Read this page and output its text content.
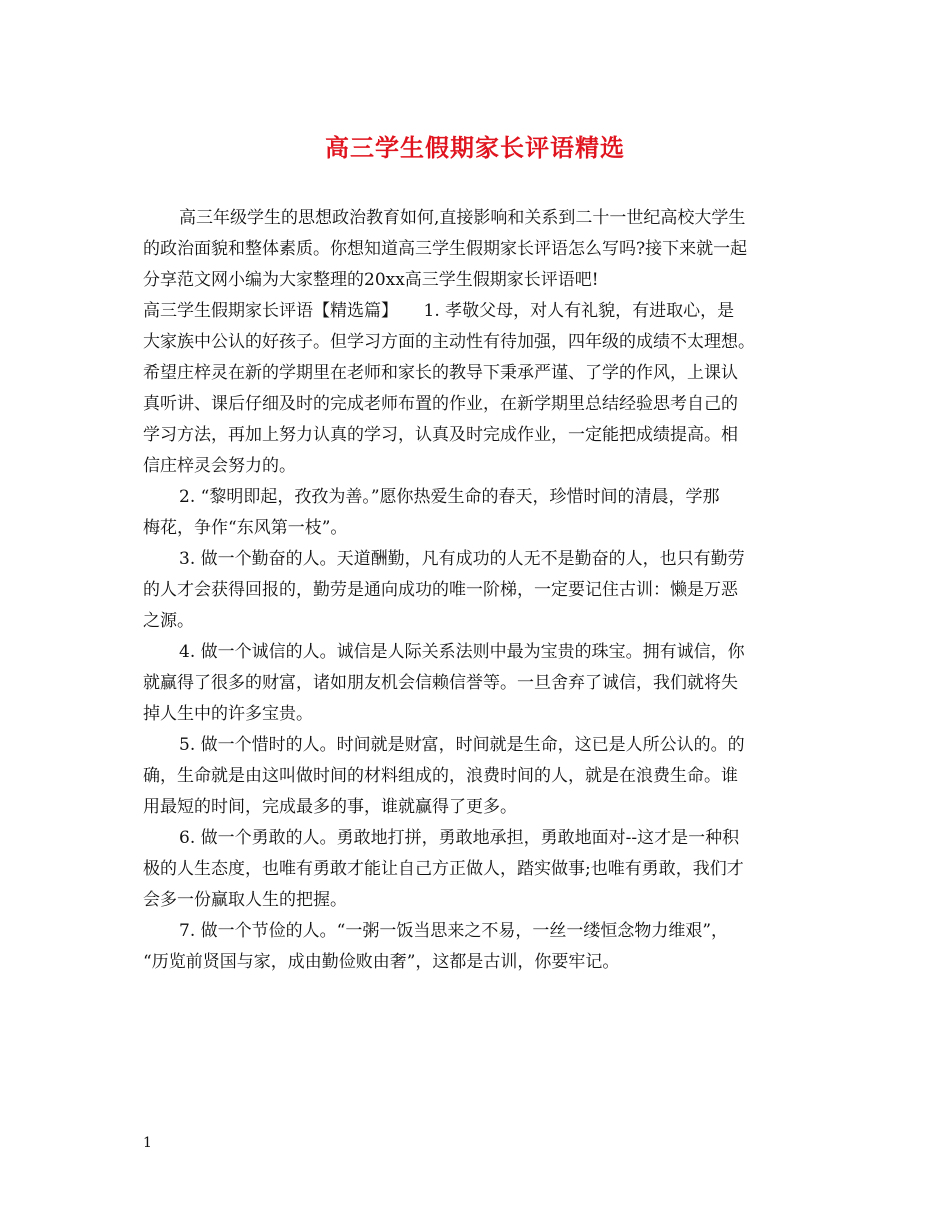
高三学生假期家长评语精选
高三年级学生的思想政治教育如何,直接影响和关系到二十一世纪高校大学生
的政治面貌和整体素质。你想知道高三学生假期家长评语怎么写吗?接下来就一起
分享范文网小编为大家整理的20xx高三学生假期家长评语吧!
高三学生假期家长评语【精选篇】　　1. 孝敬父母，对人有礼貌，有进取心，是
大家族中公认的好孩子。但学习方面的主动性有待加强，四年级的成绩不太理想。
希望庄梓灵在新的学期里在老师和家长的教导下秉承严谨、了学的作风，上课认
真听讲、课后仔细及时的完成老师布置的作业，在新学期里总结经验思考自己的
学习方法，再加上努力认真的学习，认真及时完成作业，一定能把成绩提高。相
信庄梓灵会努力的。
2. “黎明即起，孜孜为善。”愿你热爱生命的春天，珍惜时间的清晨，学那
梅花，争作“东风第一枝”。
3. 做一个勤奋的人。天道酬勤，凡有成功的人无不是勤奋的人，也只有勤劳
的人才会获得回报的，勤劳是通向成功的唯一阶梯，一定要记住古训：懒是万恶
之源。
4. 做一个诚信的人。诚信是人际关系法则中最为宝贵的珠宝。拥有诚信，你
就赢得了很多的财富，诸如朋友机会信赖信誉等。一旦舍弃了诚信，我们就将失
掉人生中的许多宝贵。
5. 做一个惜时的人。时间就是财富，时间就是生命，这已是人所公认的。的
确，生命就是由这叫做时间的材料组成的，浪费时间的人，就是在浪费生命。谁
用最短的时间，完成最多的事，谁就赢得了更多。
6. 做一个勇敢的人。勇敢地打拼，勇敢地承担，勇敢地面对--这才是一种积
极的人生态度，也唯有勇敢才能让自己方正做人，踏实做事;也唯有勇敢，我们才
会多一份赢取人生的把握。
7. 做一个节俭的人。“一粥一饭当思来之不易，一丝一缕恒念物力维艰”，
“历览前贤国与家，成由勤俭败由奢”，这都是古训，你要牢记。
1
